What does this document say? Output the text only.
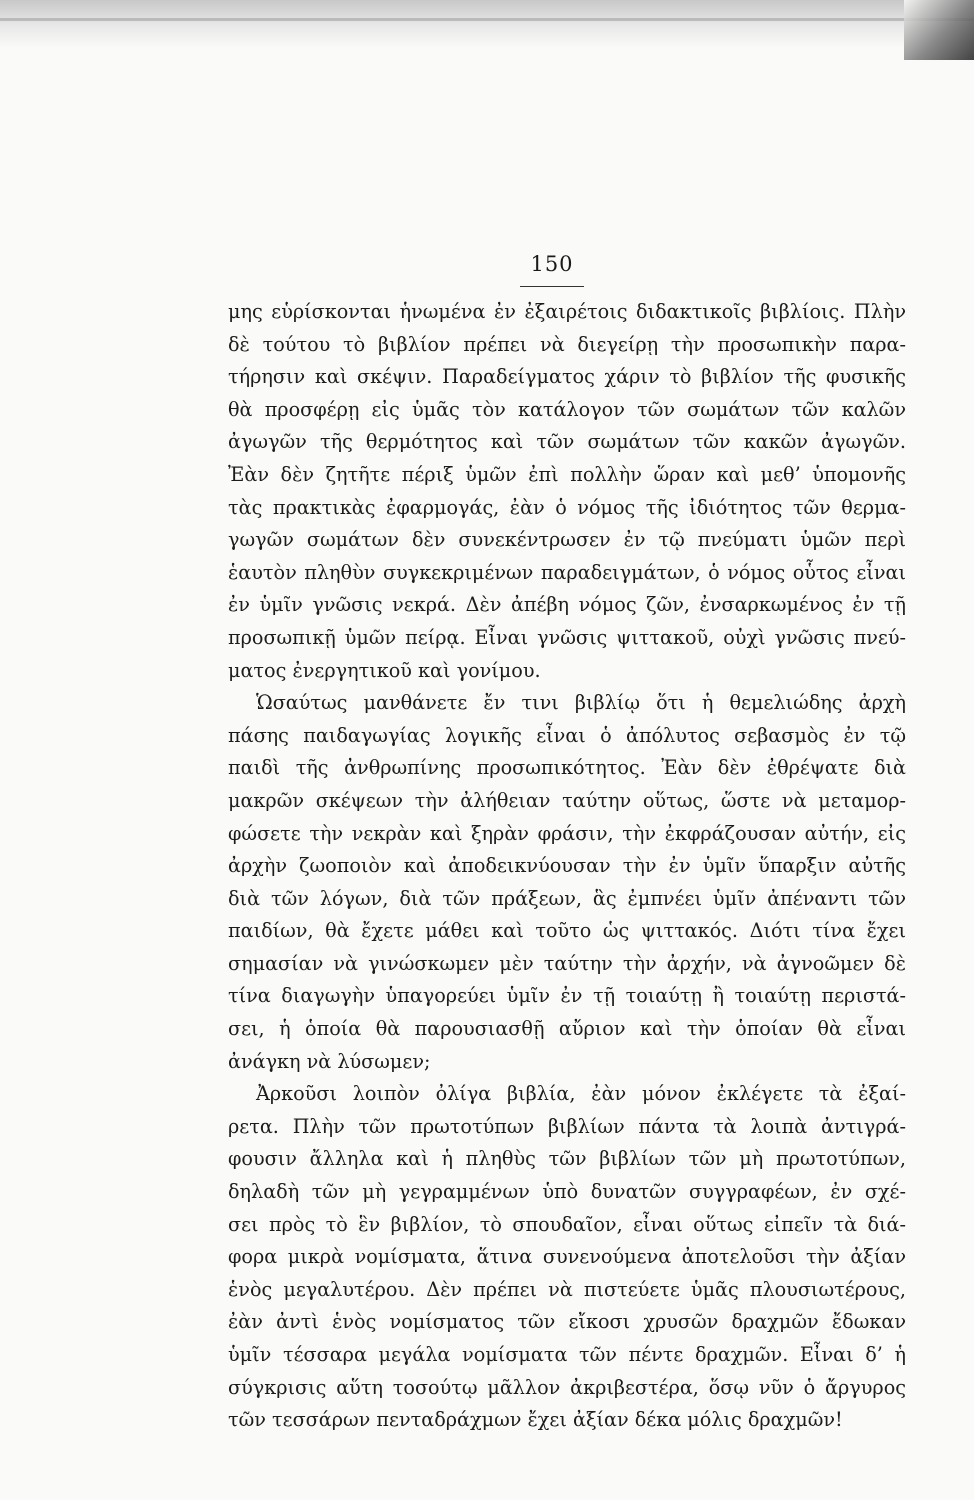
150
μης εὑρίσκονται ἡνωμένα ἐν ἐξαιρέτοις διδακτικοῖς βιβλίοις. Πλὴν
δὲ τούτου τὸ βιβλίον πρέπει νὰ διεγείρῃ τὴν προσωπικὴν παρα-
τήρησιν καὶ σκέψιν. Παραδείγματος χάριν τὸ βιβλίον τῆς φυσικῆς
θὰ προσφέρῃ εἰς ὑμᾶς τὸν κατάλογον τῶν σωμάτων τῶν καλῶν
ἀγωγῶν τῆς θερμότητος καὶ τῶν σωμάτων τῶν κακῶν ἀγωγῶν.
Ἐὰν δὲν ζητῆτε πέριξ ὑμῶν ἐπὶ πολλὴν ὥραν καὶ μεθ’ ὑπομονῆς
τὰς πρακτικὰς ἐφαρμογάς, ἐὰν ὁ νόμος τῆς ἰδιότητος τῶν θερμα-
γωγῶν σωμάτων δὲν συνεκέντρωσεν ἐν τῷ πνεύματι ὑμῶν περὶ
ἑαυτὸν πληθὺν συγκεκριμένων παραδειγμάτων, ὁ νόμος οὗτος εἶναι
ἐν ὑμῖν γνῶσις νεκρά. Δὲν ἀπέβη νόμος ζῶν, ἐνσαρκωμένος ἐν τῇ
προσωπικῇ ὑμῶν πείρᾳ. Εἶναι γνῶσις ψιττακοῦ, οὐχὶ γνῶσις πνεύ-
ματος ἐνεργητικοῦ καὶ γονίμου.
Ὡσαύτως μανθάνετε ἔν τινι βιβλίῳ ὅτι ἡ θεμελιώδης ἀρχὴ
πάσης παιδαγωγίας λογικῆς εἶναι ὁ ἀπόλυτος σεβασμὸς ἐν τῷ
παιδὶ τῆς ἀνθρωπίνης προσωπικότητος. Ἐὰν δὲν ἐθρέψατε διὰ
μακρῶν σκέψεων τὴν ἀλήθειαν ταύτην οὕτως, ὥστε νὰ μεταμορ-
φώσετε τὴν νεκρὰν καὶ ξηρὰν φράσιν, τὴν ἐκφράζουσαν αὐτήν, εἰς
ἀρχὴν ζωοποιὸν καὶ ἀποδεικνύουσαν τὴν ἐν ὑμῖν ὕπαρξιν αὐτῆς
διὰ τῶν λόγων, διὰ τῶν πράξεων, ἃς ἐμπνέει ὑμῖν ἀπέναντι τῶν
παιδίων, θὰ ἔχετε μάθει καὶ τοῦτο ὡς ψιττακός. Διότι τίνα ἔχει
σημασίαν νὰ γινώσκωμεν μὲν ταύτην τὴν ἀρχήν, νὰ ἀγνοῶμεν δὲ
τίνα διαγωγὴν ὑπαγορεύει ὑμῖν ἐν τῇ τοιαύτῃ ἢ τοιαύτῃ περιστά-
σει, ἡ ὁποία θὰ παρουσιασθῇ αὔριον καὶ τὴν ὁποίαν θὰ εἶναι
ἀνάγκη νὰ λύσωμεν;
Ἀρκοῦσι λοιπὸν ὀλίγα βιβλία, ἐὰν μόνον ἐκλέγετε τὰ ἐξαί-
ρετα. Πλὴν τῶν πρωτοτύπων βιβλίων πάντα τὰ λοιπὰ ἀντιγρά-
φουσιν ἄλληλα καὶ ἡ πληθὺς τῶν βιβλίων τῶν μὴ πρωτοτύπων,
δηλαδὴ τῶν μὴ γεγραμμένων ὑπὸ δυνατῶν συγγραφέων, ἐν σχέ-
σει πρὸς τὸ ἓν βιβλίον, τὸ σπουδαῖον, εἶναι οὕτως εἰπεῖν τὰ διά-
φορα μικρὰ νομίσματα, ἅτινα συνενούμενα ἀποτελοῦσι τὴν ἀξίαν
ἑνὸς μεγαλυτέρου. Δὲν πρέπει νὰ πιστεύετε ὑμᾶς πλουσιωτέρους,
ἐὰν ἀντὶ ἑνὸς νομίσματος τῶν εἴκοσι χρυσῶν δραχμῶν ἔδωκαν
ὑμῖν τέσσαρα μεγάλα νομίσματα τῶν πέντε δραχμῶν. Εἶναι δ’ ἡ
σύγκρισις αὕτη τοσούτῳ μᾶλλον ἀκριβεστέρα, ὅσῳ νῦν ὁ ἄργυρος
τῶν τεσσάρων πενταδράχμων ἔχει ἀξίαν δέκα μόλις δραχμῶν!
